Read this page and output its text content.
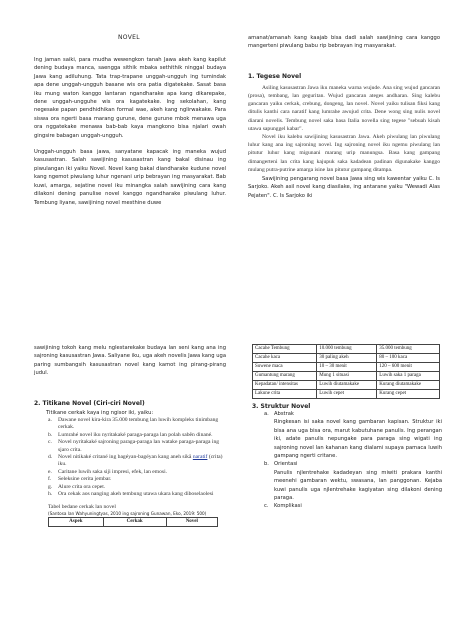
NOVEL

Ing jaman saiki, para mudha wewengkon tanah Jawa akeh kang kapilut dening budaya manca, saengga sithik mbaka sethithik ninggal budaya Jawa kang adiluhung. Tata trap-trapane unggah-ungguh ing tumindak apa dene unggah-ungguh basane wis ora patia digatekake. Sasat basa iku mung waton kanggo lantaran ngandharake apa kang dikarepake, dene unggah-ungguhe wis ora kagatekake. Ing sekolahan, kang negesake papan pendhidhikan formal wae, akeh kang nglirwakake. Para siswa ora ngerti basa marang gurune, dene gurune mbok menawa uga ora nggatekake menawa bab-bab kaya mangkono bisa njalari owah gingsire babagan unggah-ungguh.

Unggah-ungguh basa jawa, sanyatane kapacak ing maneka wujud kasusastran. Salah sawijining kasusastran kang bakal disinau ing piwulangan iki yaiku Novel. Novel kang bakal diandharake kudune novel kang ngemot piwulang luhur ngenani urip bebrayan ing masyarakat. Bab kuwi, amarga, sejatine novel iku minangka salah sawijining cara kang dilakoni dening panulise novel kanggo ngandharake piwulang luhur. Tembung liyane, sawijining novel mesthine duwe

amanat/amanah kang kaajab bisa dadi salah sawijining cara kanggo mangerteni piwulang babu rip bebrayan ing masyarakat.

1. Tegese Novel

Asiling kasusastran Jawa iku maneka warna wujude. Ana sing wujud gancaran (prosa), tembang, lan geguritan. Wujud gancaran ateges andharan. Sing kalebu gancaran yaiku cerkak, crebung, dongeng, lan novel. Novel yaiku tulisan fiksi kang ditulis kanthi cara naratif kang lumrahe awujud crita. Dene wong sing nulis novel diarani novelis. Tembung novel saka basa Italia novella sing tegese "sebuah kisah utawa sapunggel kabar".

Novel iku kalebu sawijining kasusastran Jawa. Akeh piwulang lan piwulang luhur kang ana ing sajroning novel. Ing sajroning novel iku ngemu piwulang lan pitutur luhur kang migunani marang urip manungsa. Basa kang gampang dimangerteni lan crita kang kajupuk saka kadadean padinan digunakake kanggo mulang putra-putrine amarga isine lan pitutur gampang ditampa.

Sawijining pengarang novel basa Jawa sing wis kawentar yaiku C. Is Sarjoko. Akeh asil novel kang diasilake, ing antarane yaiku "Wewadi Alas Pejaten". C. Is Sarjoko iki

sawijining tokoh kang melu nglestarekake budaya lan seni kang ana ing sajroning kasusastran Jawa. Saliyane iku, uga akeh novelis Jawa kang uga paring sumbangsih kasusastran novel kang kamot ing pirang-pirang judul.

2. Titikane Novel (Ciri-ciri Novel)

Titikane cerkak kaya ing ngisor iki, yaiku:

a.	Dawane novel kira-kira 35.000 tembung lan luwih kompleks tinimbang cerkak.
b.	Lumrahé novel iku nyritakaké paraga-paraga lan polah sabên dinané.
c.	Novel nyritakaké sajroning paraga-paraga lan watake paraga-paraga ing sjaro crita.
d.	Novel nitikaké critané ing bagéyan-bagéyan kang aneh sikā naratif (crita) iku.
e.	Caritane luwih saka siji impresi, efek, lan emosi.
f.	Seleksine cerita jembar.
g.	Alure crita ora cepet.
h.	Ora cekak aos nanging akeh tembung utawa ukara kang diboselaolesi

Tabel bedane cerkak lan novel

(Santosa lan Wahyuningtyas, 2010 ing sajroning Gunawan, Eko, 2019: 500)

Aspek	Cerkak	Novel
Cacahe Tembung	10.000 tembung	35.000 tembung
Cacahe kaca	30 paling akeh	80 – 100 kaca
Suwene maca	10 – 30 menit	120 – 600 menit
Gumantung marang	Mung 1 situasi	Luwih saka 1 paraga
Kepadatan/ intensitas	Luwih diutamakake	Kurang diutamakake
Lakune crita	Luwih cepet	Kurang cepet
3. Struktur Novel
a. Abstrak

Ringkesan isi saka novel kang gambaran kapisan. Struktur iki bisa ana uga bisa ora, marut kabutuhane panulis. Ing perangan iki, adate panulis nepungake para paraga sing wigati ing sajroning novel lan kahanan kang dialami supaya pamaca luwih gampang ngerti critane.

b. Orientasi

Panulis njlentrehake kadadeyan sing miwiti prakara kanthi meenehi gambaran wektu, swasana, lan panggonan. Kejaba kuwi panulis uga njlentrehake kagiyatan sing dilakoni dening paraga.

c.	Komplikasi
